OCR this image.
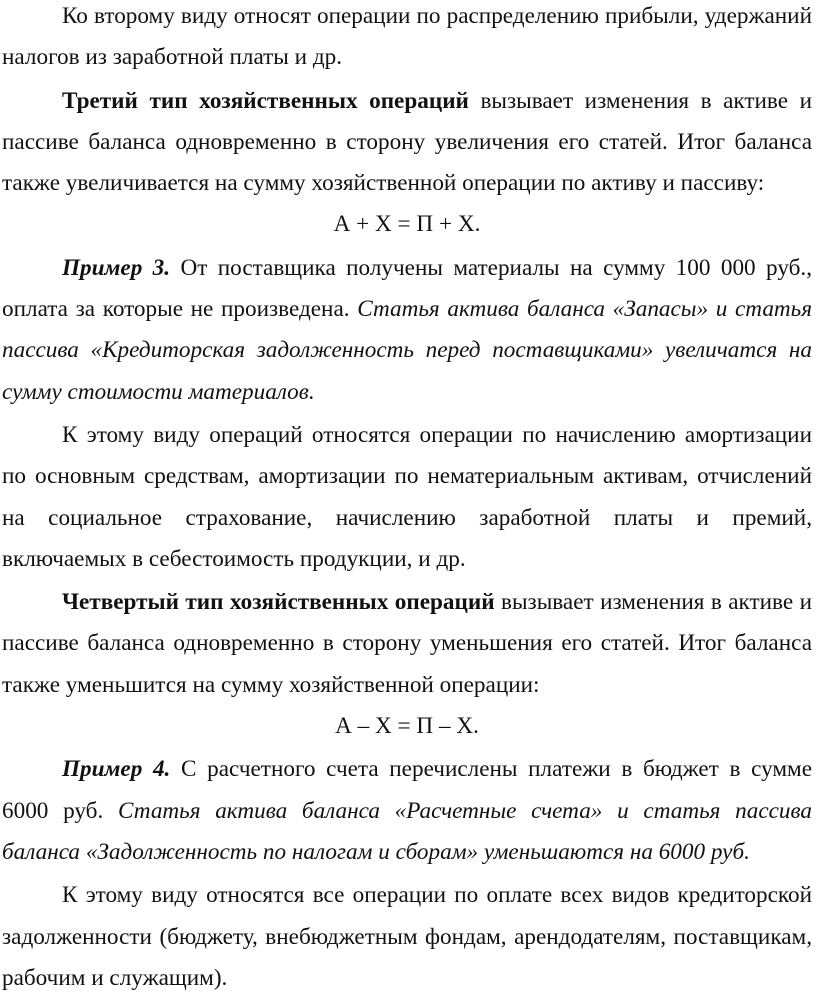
Ко второму виду относят операции по распределению прибыли, удержаний налогов из заработной платы и др.

Третий тип хозяйственных операций вызывает изменения в активе и пассиве баланса одновременно в сторону увеличения его статей. Итог баланса также увеличивается на сумму хозяйственной операции по активу и пассиву:

А + Х = П + Х.

Пример 3. От поставщика получены материалы на сумму 100 000 руб., оплата за которые не произведена. Статья актива баланса «Запасы» и статья пассива «Кредиторская задолженность перед поставщиками» увеличатся на сумму стоимости материалов.

К этому виду операций относятся операции по начислению амортизации по основным средствам, амортизации по нематериальным активам, отчислений на социальное страхование, начислению заработной платы и премий, включаемых в себестоимость продукции, и др.

Четвертый тип хозяйственных операций вызывает изменения в активе и пассиве баланса одновременно в сторону уменьшения его статей. Итог баланса также уменьшится на сумму хозяйственной операции:

А – Х = П – Х.

Пример 4. С расчетного счета перечислены платежи в бюджет в сумме 6000 руб. Статья актива баланса «Расчетные счета» и статья пассива баланса «Задолженность по налогам и сборам» уменьшаются на 6000 руб.

К этому виду относятся все операции по оплате всех видов кредиторской задолженности (бюджету, внебюджетным фондам, арендодателям, поставщикам, рабочим и служащим).
